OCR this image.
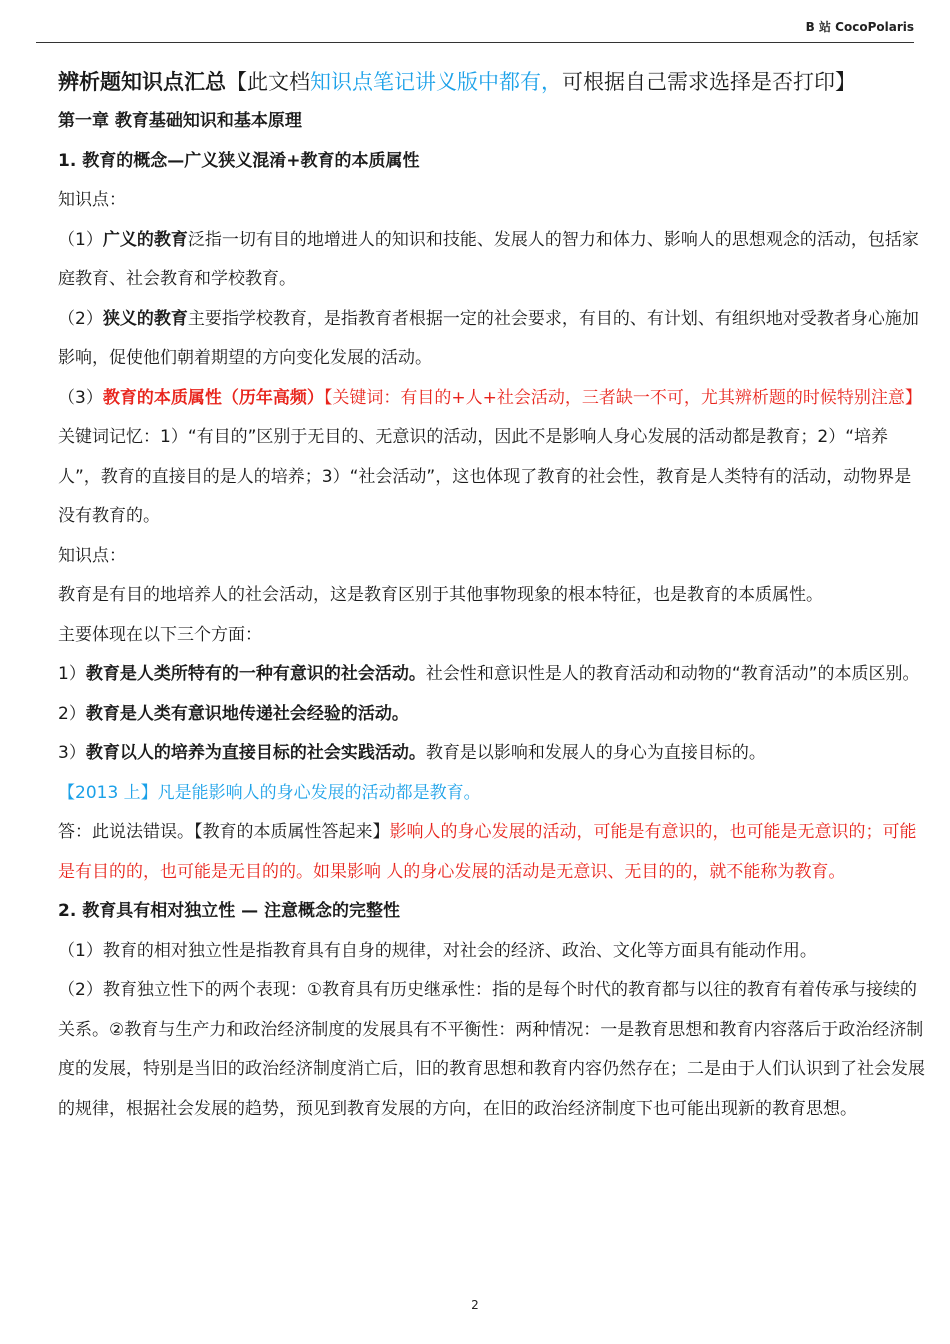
B 站 CocoPolaris

辨析题知识点汇总【此文档知识点笔记讲义版中都有，可根据自己需求选择是否打印】

第一章 教育基础知识和基本原理

1. 教育的概念—广义狭义混淆+教育的本质属性

知识点：

（1）广义的教育泛指一切有目的地增进人的知识和技能、发展人的智力和体力、影响人的思想观念的活动，包括家庭教育、社会教育和学校教育。

（2）狭义的教育主要指学校教育，是指教育者根据一定的社会要求，有目的、有计划、有组织地对受教者身心施加影响，促使他们朝着期望的方向变化发展的活动。

（3）教育的本质属性（历年高频）【关键词：有目的+人+社会活动，三者缺一不可，尤其辨析题的时候特别注意】

关键词记忆：1）“有目的”区别于无目的、无意识的活动，因此不是影响人身心发展的活动都是教育；2）“培养人”，教育的直接目的是人的培养；3）“社会活动”，这也体现了教育的社会性，教育是人类特有的活动，动物界是没有教育的。

知识点：

教育是有目的地培养人的社会活动，这是教育区别于其他事物现象的根本特征，也是教育的本质属性。

主要体现在以下三个方面：

1）教育是人类所特有的一种有意识的社会活动。社会性和意识性是人的教育活动和动物的“教育活动”的本质区别。

2）教育是人类有意识地传递社会经验的活动。

3）教育以人的培养为直接目标的社会实践活动。教育是以影响和发展人的身心为直接目标的。

【2013 上】凡是能影响人的身心发展的活动都是教育。

答：此说法错误。【教育的本质属性答起来】影响人的身心发展的活动，可能是有意识的，也可能是无意识的；可能是有目的的，也可能是无目的的。如果影响 人的身心发展的活动是无意识、无目的的，就不能称为教育。

2. 教育具有相对独立性 — 注意概念的完整性

（1）教育的相对独立性是指教育具有自身的规律，对社会的经济、政治、文化等方面具有能动作用。

（2）教育独立性下的两个表现：①教育具有历史继承性：指的是每个时代的教育都与以往的教育有着传承与接续的关系。②教育与生产力和政治经济制度的发展具有不平衡性：两种情况：一是教育思想和教育内容落后于政治经济制度的发展，特别是当旧的政治经济制度消亡后，旧的教育思想和教育内容仍然存在；二是由于人们认识到了社会发展的规律，根据社会发展的趋势，预见到教育发展的方向，在旧的政治经济制度下也可能出现新的教育思想。

2
